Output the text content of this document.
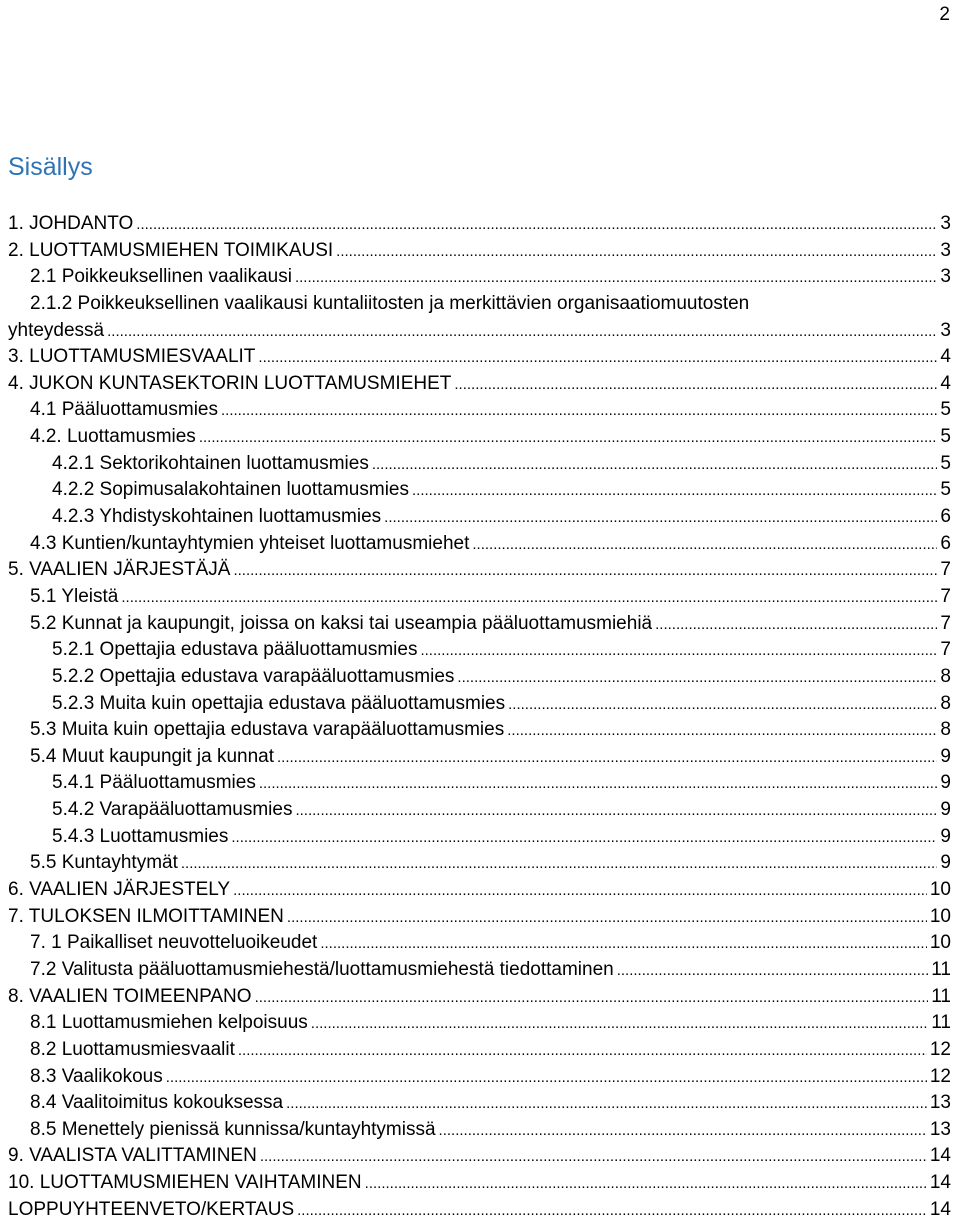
2
Sisällys
1. JOHDANTO .....	3
2. LUOTTAMUSMIEHEN TOIMIKAUSI .....	3
2.1 Poikkeuksellinen vaalikausi .....	3
2.1.2 Poikkeuksellinen vaalikausi kuntaliitosten ja merkittävien organisaatiomuutosten
yhteydessä .....	3
3. LUOTTAMUSMIESVAALIT .....	4
4. JUKON KUNTASEKTORIN LUOTTAMUSMIEHET .....	4
4.1 Pääluottamusmies .....	5
4.2. Luottamusmies .....	5
4.2.1 Sektorikohtainen luottamusmies .....	5
4.2.2 Sopimusalakohtainen luottamusmies .....	5
4.2.3 Yhdistyskohtainen luottamusmies .....	6
4.3 Kuntien/kuntayhtymien yhteiset luottamusmiehet .....	6
5. VAALIEN JÄRJESTÄJÄ .....	7
5.1 Yleistä .....	7
5.2 Kunnat ja kaupungit, joissa on kaksi tai useampia pääluottamusmiehiä .....	7
5.2.1 Opettajia edustava pääluottamusmies .....	7
5.2.2 Opettajia edustava varapääluottamusmies .....	8
5.2.3 Muita kuin opettajia edustava pääluottamusmies .....	8
5.3 Muita kuin opettajia edustava varapääluottamusmies .....	8
5.4 Muut kaupungit ja kunnat .....	9
5.4.1 Pääluottamusmies .....	9
5.4.2 Varapääluottamusmies .....	9
5.4.3 Luottamusmies .....	9
5.5 Kuntayhtymät .....	9
6. VAALIEN JÄRJESTELY .....	10
7. TULOKSEN ILMOITTAMINEN .....	10
7. 1 Paikalliset neuvotteluoikeudet .....	10
7.2 Valitusta pääluottamusmiehestä/luottamusmiehestä tiedottaminen .....	11
8. VAALIEN TOIMEENPANO .....	11
8.1 Luottamusmiehen kelpoisuus .....	11
8.2 Luottamusmiesvaalit .....	12
8.3 Vaalikokous .....	12
8.4 Vaalitoimitus kokouksessa .....	13
8.5 Menettely pienissä kunnissa/kuntayhtymissä .....	13
9. VAALISTA VALITTAMINEN .....	14
10. LUOTTAMUSMIEHEN VAIHTAMINEN .....	14
LOPPUYHTEENVETO/KERTAUS .....	14
